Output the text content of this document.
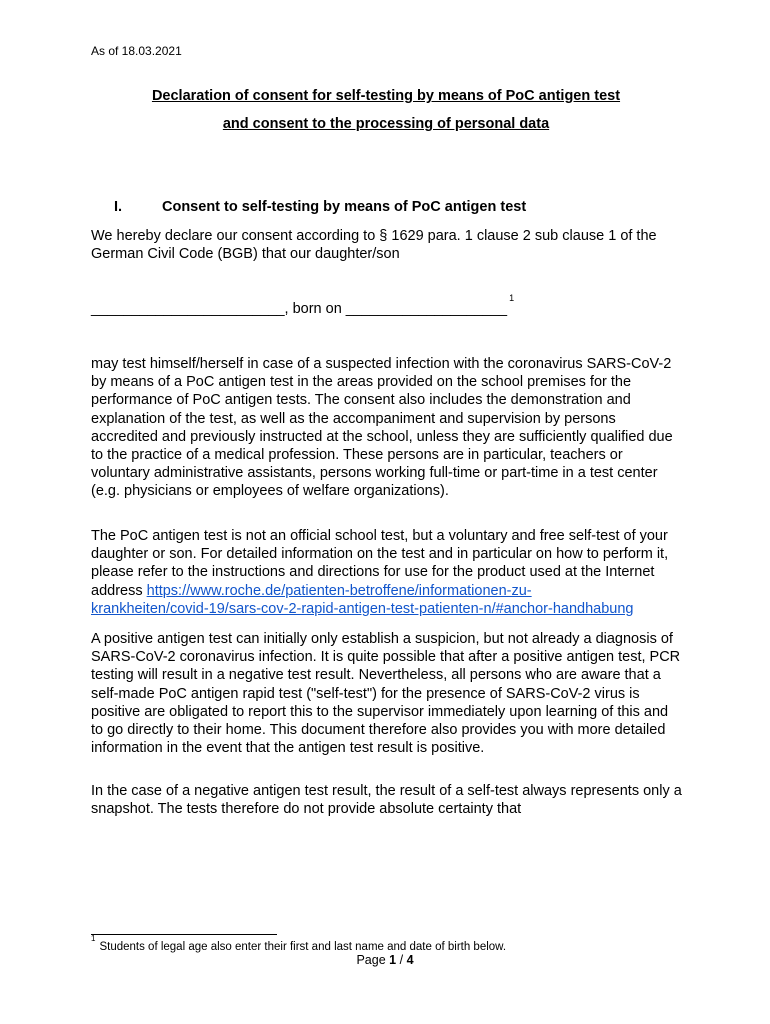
As of 18.03.2021
Declaration of consent for self-testing by means of PoC antigen test
and consent to the processing of personal data
I.	Consent to self-testing by means of PoC antigen test
We hereby declare our consent according to § 1629 para. 1 clause 2 sub clause 1 of the German Civil Code (BGB) that our daughter/son
________________________, born on ____________________$^1$
may test himself/herself in case of a suspected infection with the coronavirus SARS-CoV-2 by means of a PoC antigen test in the areas provided on the school premises for the performance of PoC antigen tests. The consent also includes the demonstration and explanation of the test, as well as the accompaniment and supervision by persons accredited and previously instructed at the school, unless they are sufficiently qualified due to the practice of a medical profession. These persons are in particular, teachers or voluntary administrative assistants, persons working full-time or part-time in a test center (e.g. physicians or employees of welfare organizations).
The PoC antigen test is not an official school test, but a voluntary and free self-test of your daughter or son. For detailed information on the test and in particular on how to perform it, please refer to the instructions and directions for use for the product used at the Internet address https://www.roche.de/patienten-betroffene/informationen-zu-
krankheiten/covid-19/sars-cov-2-rapid-antigen-test-patienten-n/#anchor-handhabung
A positive antigen test can initially only establish a suspicion, but not already a diagnosis of SARS-CoV-2 coronavirus infection. It is quite possible that after a positive antigen test, PCR testing will result in a negative test result. Nevertheless, all persons who are aware that a self-made PoC antigen rapid test ("self-test") for the presence of SARS-CoV-2 virus is positive are obligated to report this to the supervisor immediately upon learning of this and to go directly to their home. This document therefore also provides you with more detailed information in the event that the antigen test result is positive.
In the case of a negative antigen test result, the result of a self-test always represents only a snapshot. The tests therefore do not provide absolute certainty that
$^1$Students of legal age also enter their first and last name and date of birth below.
Page 1 / 4
